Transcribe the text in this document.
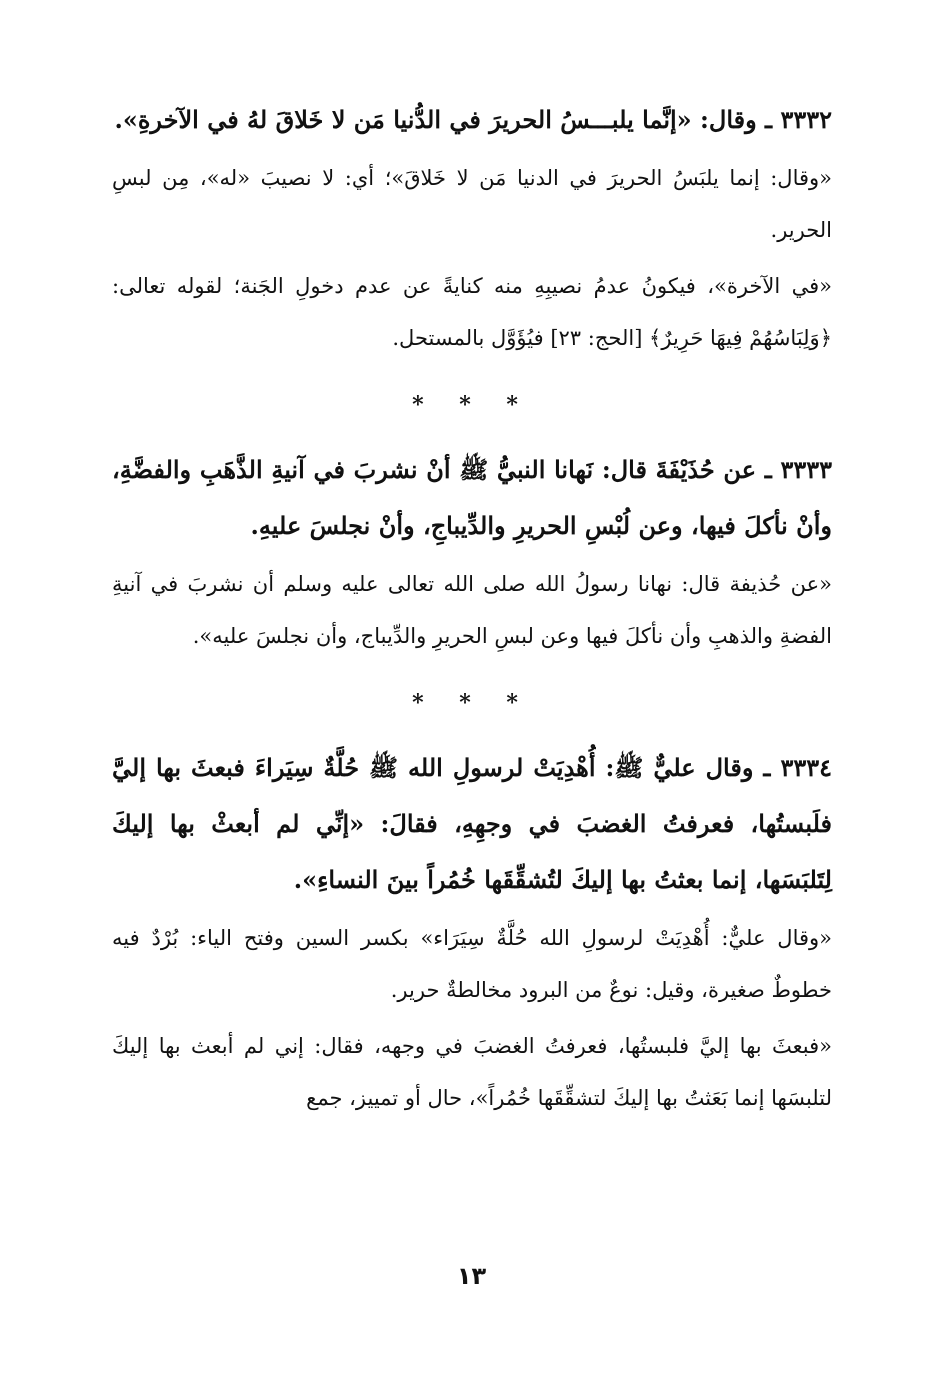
٣٣٣٢ ـ وقال: «إنَّما يلبـــسُ الحريرَ في الدُّنيا مَن لا خَلاقَ لهُ في الآخرةِ».

«وقال: إنما يلبَسُ الحريرَ في الدنيا مَن لا خَلاقَ»؛ أي: لا نصيبَ «له»، مِن لبسِ الحرير.

«في الآخرة»، فيكونُ عدمُ نصيبِهِ منه كنايةً عن عدم دخولِ الجَنة؛ لقوله تعالى: ﴿وَلِبَاسُهُمْ فِيهَا حَرِيرٌ﴾ [الحج: ٢٣] فيُؤَوَّل بالمستحل.

* * *

٣٣٣٣ ـ عن حُذَيْفَةَ قال: نَهانا النبيُّ ﷺ أنْ نشربَ في آنيةِ الذَّهَبِ والفضَّةِ، وأنْ نأكلَ فيها، وعن لُبْسِ الحريرِ والدِّيباجِ، وأنْ نجلسَ عليهِ.

«عن حُذيفة قال: نهانا رسولُ الله صلى الله تعالى عليه وسلم أن نشربَ في آنيةِ الفضةِ والذهبِ وأن نأكلَ فيها وعن لبسِ الحريرِ والدِّيباج، وأن نجلسَ عليه».

* * *

٣٣٣٤ ـ وقال عليٌّ ﷺ: أُهْدِيَتْ لرسولِ الله ﷺ حُلَّةٌ سِيَراءَ فبعثَ بها إليَّ فلَبستُها، فعرفتُ الغضبَ في وجهِهِ، فقالَ: «إنِّي لم أبعثْ بها إليكَ لِتَلبَسَها، إنما بعثتُ بها إليكَ لتُشقِّقَها خُمُراً بينَ النساءِ».

«وقال عليٌّ: أُهْدِيَتْ لرسولِ الله حُلَّةٌ سِيَرَاء» بكسر السين وفتح الياء: بُرْدٌ فيه خطوطٌ صغيرة، وقيل: نوعٌ من البرود مخالطةٌ حرير.

«فبعثَ بها إليَّ فلبستُها، فعرفتُ الغضبَ في وجهه، فقال: إني لم أبعث بها إليكَ لتلبسَها إنما بَعَثتُ بها إليكَ لتشقِّقَها خُمُراً»، حال أو تمييز، جمع

١٣
